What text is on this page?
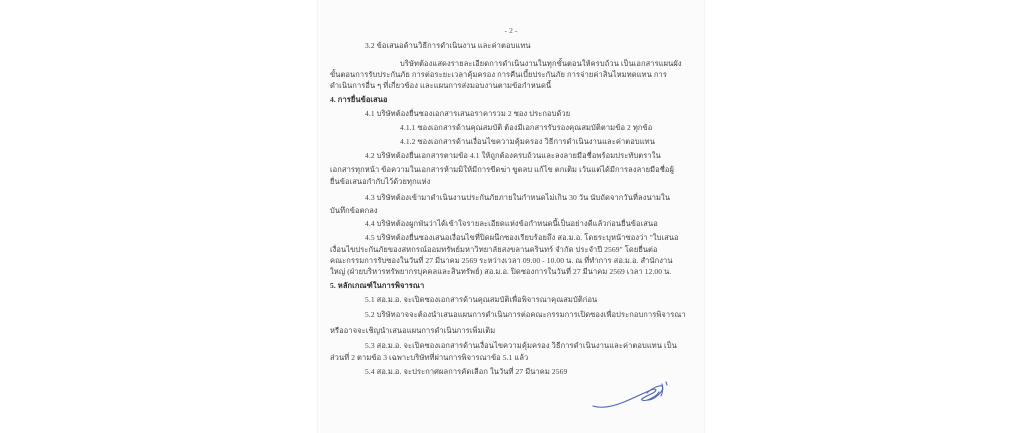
- 2 -
3.2 ข้อเสนอด้านวิธีการดำเนินงาน และค่าตอบแทน
บริษัทต้องแสดงรายละเอียดการดำเนินงานในทุกขั้นตอนให้ครบถ้วน เป็นเอกสารแผนผัง
ขั้นตอนการรับประกันภัย การต่อระยะเวลาคุ้มครอง การคืนเบี้ยประกันภัย การจ่ายค่าสินไหมทดแทน การ
ดำเนินการอื่น ๆ ที่เกี่ยวข้อง และแผนการส่งมอบงานตามข้อกำหนดนี้
4. การยื่นข้อเสนอ
4.1 บริษัทต้องยื่นซองเอกสารเสนอราคารวม 2 ซอง ประกอบด้วย
4.1.1 ซองเอกสารด้านคุณสมบัติ ต้องมีเอกสารรับรองคุณสมบัติตามข้อ 2 ทุกข้อ
4.1.2 ซองเอกสารด้านเงื่อนไขความคุ้มครอง วิธีการดำเนินงานและค่าตอบแทน
4.2 บริษัทต้องยื่นเอกสารตามข้อ 4.1 ให้ถูกต้องครบถ้วนและลงลายมือชื่อพร้อมประทับตราใน
เอกสารทุกหน้า ข้อความในเอกสารห้ามมิให้มีการขีดฆ่า ขูดลบ แก้ไข ตกเติม เว้นแต่ได้มีการลงลายมือชื่อผู้
ยื่นข้อเสนอกำกับไว้ด้วยทุกแห่ง
4.3 บริษัทต้องเข้ามาดำเนินงานประกันภัยภายในกำหนดไม่เกิน 30 วัน นับถัดจากวันที่ลงนามใน
บันทึกข้อตกลง
4.4 บริษัทต้องผูกพันว่าได้เข้าใจรายละเอียดแห่งข้อกำหนดนี้เป็นอย่างดีแล้วก่อนยื่นข้อเสนอ
4.5 บริษัทต้องยื่นซองเสนอเงื่อนไขที่ปิดผนึกซองเรียบร้อยถึง สอ.ม.อ. โดยระบุหน้าซองว่า "ใบเสนอ
เงื่อนไขประกันภัยของสหกรณ์ออมทรัพย์มหาวิทยาลัยสงขลานครินทร์ จำกัด ประจำปี 2569" โดยยื่นต่อ
คณะกรรมการรับซองในวันที่ 27 มีนาคม 2569 ระหว่างเวลา 09.00 - 10.00 น. ณ ที่ทำการ สอ.ม.อ. สำนักงาน
ใหญ่ (ฝ่ายบริหารทรัพยากรบุคคลและสินทรัพย์) สอ.ม.อ. ปิดซองการในวันที่ 27 มีนาคม 2569 เวลา 12.00 น.
5. หลักเกณฑ์ในการพิจารณา
5.1 สอ.ม.อ. จะเปิดซองเอกสารด้านคุณสมบัติเพื่อพิจารณาคุณสมบัติก่อน
5.2 บริษัทอาจจะต้องนำเสนอแผนการดำเนินการต่อคณะกรรมการเปิดซองเพื่อประกอบการพิจารณา
หรืออาจจะเชิญนำเสนอแผนการดำเนินการเพิ่มเติม
5.3 สอ.ม.อ. จะเปิดซองเอกสารด้านเงื่อนไขความคุ้มครอง วิธีการดำเนินงานและค่าตอบแทน เป็น
ส่วนที่ 2 ตามข้อ 3 เฉพาะบริษัทที่ผ่านการพิจารณาข้อ 5.1 แล้ว
5.4 สอ.ม.อ. จะประกาศผลการคัดเลือก ในวันที่ 27 มีนาคม 2569
